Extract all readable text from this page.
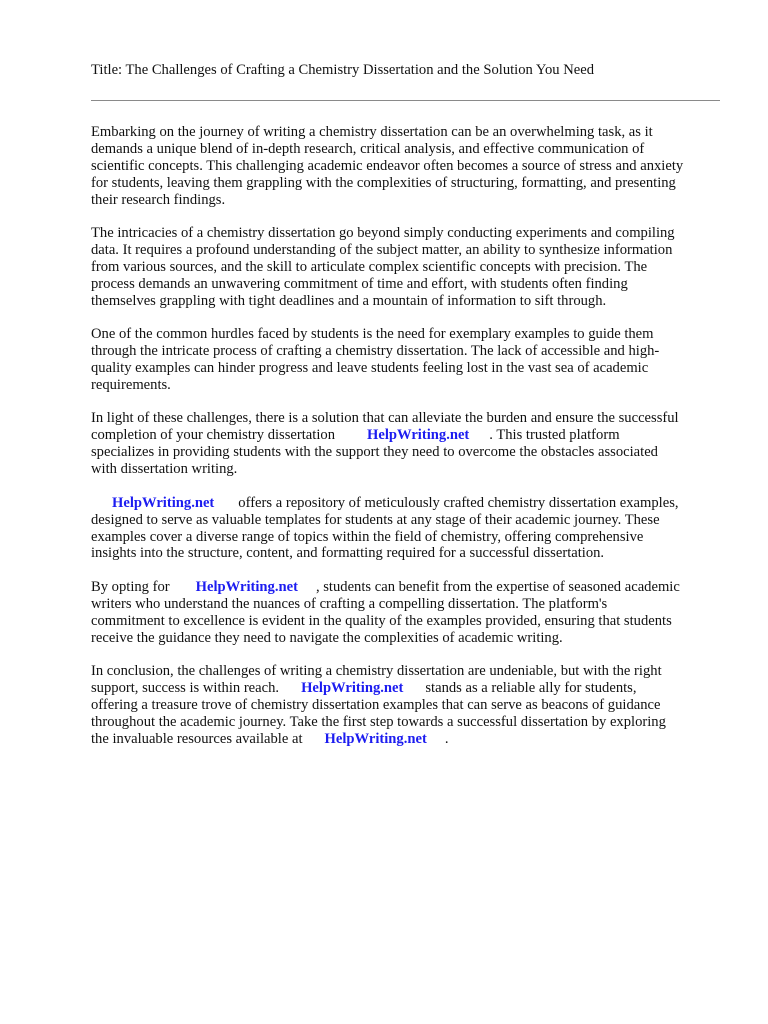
Title: The Challenges of Crafting a Chemistry Dissertation and the Solution You Need

Embarking on the journey of writing a chemistry dissertation can be an overwhelming task, as it
demands a unique blend of in-depth research, critical analysis, and effective communication of
scientific concepts. This challenging academic endeavor often becomes a source of stress and anxiety
for students, leaving them grappling with the complexities of structuring, formatting, and presenting
their research findings.

The intricacies of a chemistry dissertation go beyond simply conducting experiments and compiling
data. It requires a profound understanding of the subject matter, an ability to synthesize information
from various sources, and the skill to articulate complex scientific concepts with precision. The
process demands an unwavering commitment of time and effort, with students often finding
themselves grappling with tight deadlines and a mountain of information to sift through.

One of the common hurdles faced by students is the need for exemplary examples to guide them
through the intricate process of crafting a chemistry dissertation. The lack of accessible and high-
quality examples can hinder progress and leave students feeling lost in the vast sea of academic
requirements.

In light of these challenges, there is a solution that can alleviate the burden and ensure the successful
completion of your chemistry dissertation HelpWriting.net . This trusted platform
specializes in providing students with the support they need to overcome the obstacles associated
with dissertation writing.

HelpWriting.net offers a repository of meticulously crafted chemistry dissertation examples,
designed to serve as valuable templates for students at any stage of their academic journey. These
examples cover a diverse range of topics within the field of chemistry, offering comprehensive
insights into the structure, content, and formatting required for a successful dissertation.

By opting for HelpWriting.net , students can benefit from the expertise of seasoned academic
writers who understand the nuances of crafting a compelling dissertation. The platform's
commitment to excellence is evident in the quality of the examples provided, ensuring that students
receive the guidance they need to navigate the complexities of academic writing.

In conclusion, the challenges of writing a chemistry dissertation are undeniable, but with the right
support, success is within reach. HelpWriting.net stands as a reliable ally for students,
offering a treasure trove of chemistry dissertation examples that can serve as beacons of guidance
throughout the academic journey. Take the first step towards a successful dissertation by exploring
the invaluable resources available at HelpWriting.net .
